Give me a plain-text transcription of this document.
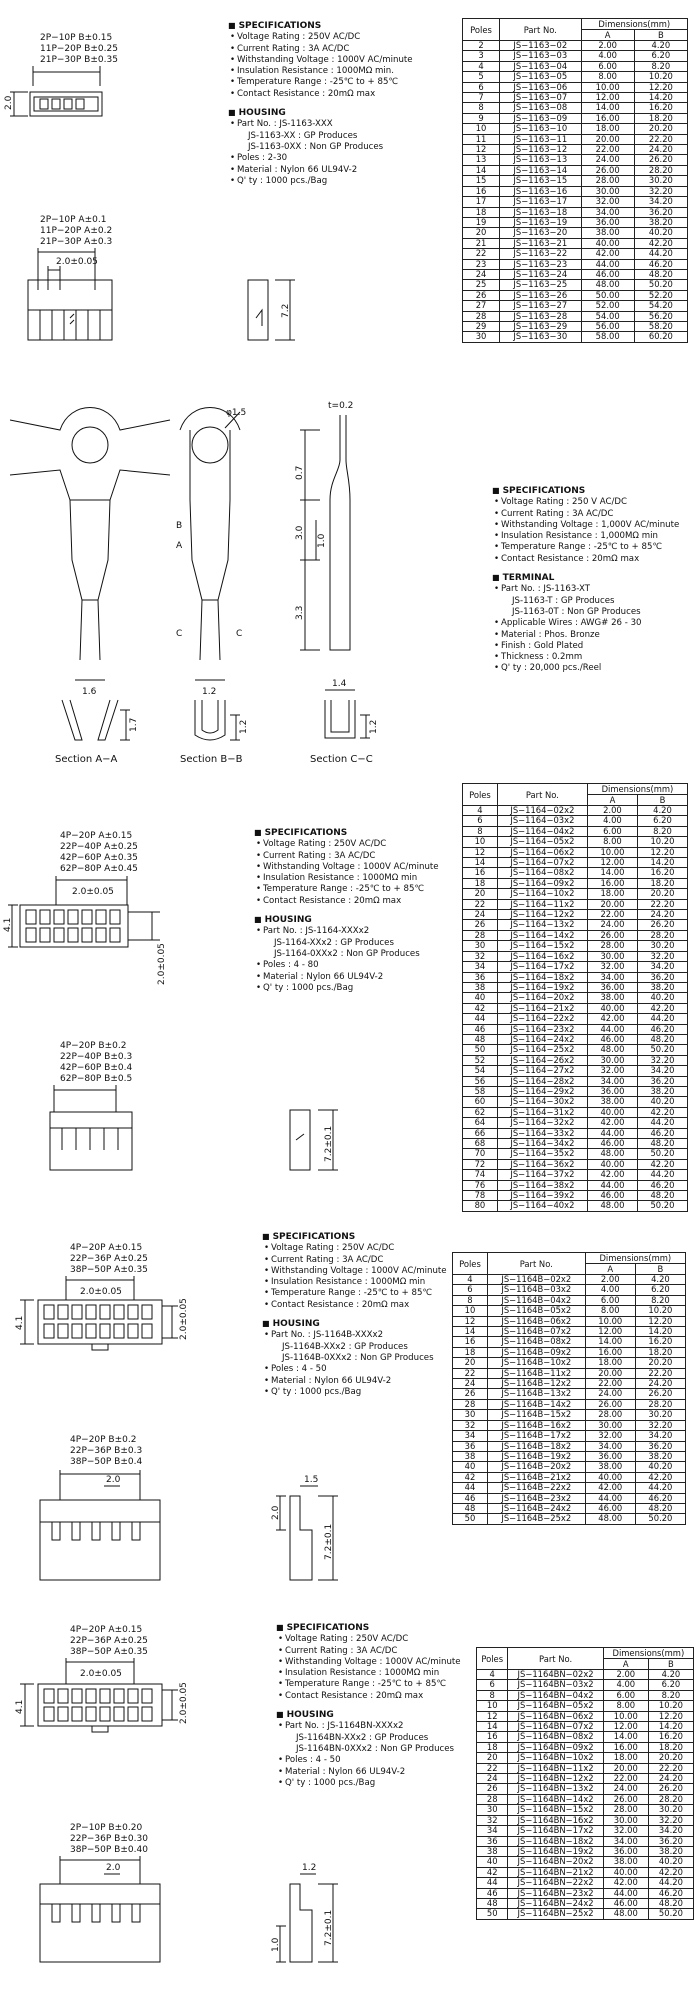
2P−10P B±0.15
11P−20P B±0.25
21P−30P B±0.35
2.0
2P−10P A±0.1
11P−20P A±0.2
21P−30P A±0.3
2.0±0.05
7.2
1.6
φ1.5
A
B
C	C
1.2
t=0.2
0.7
3.0
1.0
3.3
1.7	1.2
1.4
1.2
Section A−A	Section B−B	Section C−C
4P−20P A±0.15
22P−40P A±0.25
42P−60P A±0.35
62P−80P A±0.45
2.0±0.05
4.1
2.0±0.05
4P−20P B±0.2
22P−40P B±0.3
42P−60P B±0.4
62P−80P B±0.5
7.2±0.1
4P−20P A±0.15
22P−36P A±0.25
38P−50P A±0.35
2.0±0.05
4.1	2.0±0.05
4P−20P B±0.2
22P−36P B±0.3
38P−50P B±0.4
2.0	1.5
2.0
7.2±0.1
4P−20P A±0.15
22P−36P A±0.25
38P−50P A±0.35
2.0±0.05
4.1	2.0±0.05
2P−10P B±0.20
22P−36P B±0.30
38P−50P B±0.40
2.0	1.2
1.0	7.2±0.1
■ SPECIFICATIONS
• Voltage Rating : 250V AC/DC
• Current Rating : 3A AC/DC
• Withstanding Voltage : 1000V AC/minute
• Insulation Resistance : 1000MΩ min.
• Temperature Range : -25℃ to + 85℃
• Contact Resistance : 20mΩ max
■ HOUSING
• Part No. : JS-1163-XXX
JS-1163-XX : GP Produces
JS-1163-0XX : Non GP Produces
• Poles : 2-30
• Material : Nylon 66 UL94V-2
• Q' ty : 1000 pcs./Bag
■ SPECIFICATIONS
• Voltage Rating : 250 V AC/DC
• Current Rating : 3A AC/DC
• Withstanding Voltage : 1,000V AC/minute
• Insulation Resistance : 1,000MΩ min
• Temperature Range : -25℃ to + 85℃
• Contact Resistance : 20mΩ max
■ TERMINAL
• Part No. : JS-1163-XT
JS-1163-T : GP Produces
JS-1163-0T : Non GP Produces
• Applicable Wires : AWG# 26 - 30
• Material : Phos. Bronze
• Finish : Gold Plated
• Thickness : 0.2mm
• Q' ty : 20,000 pcs./Reel
■ SPECIFICATIONS
• Voltage Rating : 250V AC/DC
• Current Rating : 3A AC/DC
• Withstanding Voltage : 1000V AC/minute
• Insulation Resistance : 1000MΩ min
• Temperature Range : -25℃ to + 85℃
• Contact Resistance : 20mΩ max
■ HOUSING
• Part No. : JS-1164-XXXx2
JS-1164-XXx2 : GP Produces
JS-1164-0XXx2 : Non GP Produces
• Poles : 4 - 80
• Material : Nylon 66 UL94V-2
• Q' ty : 1000 pcs./Bag
■ SPECIFICATIONS
• Voltage Rating : 250V AC/DC
• Current Rating : 3A AC/DC
• Withstanding Voltage : 1000V AC/minute
• Insulation Resistance : 1000MΩ min
• Temperature Range : -25℃ to + 85℃
• Contact Resistance : 20mΩ max
■ HOUSING
• Part No. : JS-1164B-XXXx2
JS-1164B-XXx2 : GP Produces
JS-1164B-0XXx2 : Non GP Produces
• Poles : 4 - 50
• Material : Nylon 66 UL94V-2
• Q' ty : 1000 pcs./Bag
■ SPECIFICATIONS
• Voltage Rating : 250V AC/DC
• Current Rating : 3A AC/DC
• Withstanding Voltage : 1000V AC/minute
• Insulation Resistance : 1000MΩ min
• Temperature Range : -25℃ to + 85℃
• Contact Resistance : 20mΩ max
■ HOUSING
• Part No. : JS-1164BN-XXXx2
JS-1164BN-XXx2 : GP Produces
JS-1164BN-0XXx2 : Non GP Produces
• Poles : 4 - 50
• Material : Nylon 66 UL94V-2
• Q' ty : 1000 pcs./Bag
Poles	Part No.	Dimensions(mm)	
		A	B
2	JS−1163−02	2.00	4.20
3	JS−1163−03	4.00	6.20
4	JS−1163−04	6.00	8.20
5	JS−1163−05	8.00	10.20
6	JS−1163−06	10.00	12.20
7	JS−1163−07	12.00	14.20
8	JS−1163−08	14.00	16.20
9	JS−1163−09	16.00	18.20
10	JS−1163−10	18.00	20.20
11	JS−1163−11	20.00	22.20
12	JS−1163−12	22.00	24.20
13	JS−1163−13	24.00	26.20
14	JS−1163−14	26.00	28.20
15	JS−1163−15	28.00	30.20
16	JS−1163−16	30.00	32.20
17	JS−1163−17	32.00	34.20
18	JS−1163−18	34.00	36.20
19	JS−1163−19	36.00	38.20
20	JS−1163−20	38.00	40.20
21	JS−1163−21	40.00	42.20
22	JS−1163−22	42.00	44.20
23	JS−1163−23	44.00	46.20
24	JS−1163−24	46.00	48.20
25	JS−1163−25	48.00	50.20
26	JS−1163−26	50.00	52.20
27	JS−1163−27	52.00	54.20
28	JS−1163−28	54.00	56.20
29	JS−1163−29	56.00	58.20
30	JS−1163−30	58.00	60.20
Poles	Part No.	Dimensions(mm)	
		A	B
4	JS−1164−02x2	2.00	4.20
6	JS−1164−03x2	4.00	6.20
8	JS−1164−04x2	6.00	8.20
10	JS−1164−05x2	8.00	10.20
12	JS−1164−06x2	10.00	12.20
14	JS−1164−07x2	12.00	14.20
16	JS−1164−08x2	14.00	16.20
18	JS−1164−09x2	16.00	18.20
20	JS−1164−10x2	18.00	20.20
22	JS−1164−11x2	20.00	22.20
24	JS−1164−12x2	22.00	24.20
26	JS−1164−13x2	24.00	26.20
28	JS−1164−14x2	26.00	28.20
30	JS−1164−15x2	28.00	30.20
32	JS−1164−16x2	30.00	32.20
34	JS−1164−17x2	32.00	34.20
36	JS−1164−18x2	34.00	36.20
38	JS−1164−19x2	36.00	38.20
40	JS−1164−20x2	38.00	40.20
42	JS−1164−21x2	40.00	42.20
44	JS−1164−22x2	42.00	44.20
46	JS−1164−23x2	44.00	46.20
48	JS−1164−24x2	46.00	48.20
50	JS−1164−25x2	48.00	50.20
52	JS−1164−26x2	30.00	32.20
54	JS−1164−27x2	32.00	34.20
56	JS−1164−28x2	34.00	36.20
58	JS−1164−29x2	36.00	38.20
60	JS−1164−30x2	38.00	40.20
62	JS−1164−31x2	40.00	42.20
64	JS−1164−32x2	42.00	44.20
66	JS−1164−33x2	44.00	46.20
68	JS−1164−34x2	46.00	48.20
70	JS−1164−35x2	48.00	50.20
72	JS−1164−36x2	40.00	42.20
74	JS−1164−37x2	42.00	44.20
76	JS−1164−38x2	44.00	46.20
78	JS−1164−39x2	46.00	48.20
80	JS−1164−40x2	48.00	50.20
Poles	Part No.	Dimensions(mm)	
		A	B
4	JS−1164B−02x2	2.00	4.20
6	JS−1164B−03x2	4.00	6.20
8	JS−1164B−04x2	6.00	8.20
10	JS−1164B−05x2	8.00	10.20
12	JS−1164B−06x2	10.00	12.20
14	JS−1164B−07x2	12.00	14.20
16	JS−1164B−08x2	14.00	16.20
18	JS−1164B−09x2	16.00	18.20
20	JS−1164B−10x2	18.00	20.20
22	JS−1164B−11x2	20.00	22.20
24	JS−1164B−12x2	22.00	24.20
26	JS−1164B−13x2	24.00	26.20
28	JS−1164B−14x2	26.00	28.20
30	JS−1164B−15x2	28.00	30.20
32	JS−1164B−16x2	30.00	32.20
34	JS−1164B−17x2	32.00	34.20
36	JS−1164B−18x2	34.00	36.20
38	JS−1164B−19x2	36.00	38.20
40	JS−1164B−20x2	38.00	40.20
42	JS−1164B−21x2	40.00	42.20
44	JS−1164B−22x2	42.00	44.20
46	JS−1164B−23x2	44.00	46.20
48	JS−1164B−24x2	46.00	48.20
50	JS−1164B−25x2	48.00	50.20
Poles	Part No.	Dimensions(mm)	
		A	B
4	JS−1164BN−02x2	2.00	4.20
6	JS−1164BN−03x2	4.00	6.20
8	JS−1164BN−04x2	6.00	8.20
10	JS−1164BN−05x2	8.00	10.20
12	JS−1164BN−06x2	10.00	12.20
14	JS−1164BN−07x2	12.00	14.20
16	JS−1164BN−08x2	14.00	16.20
18	JS−1164BN−09x2	16.00	18.20
20	JS−1164BN−10x2	18.00	20.20
22	JS−1164BN−11x2	20.00	22.20
24	JS−1164BN−12x2	22.00	24.20
26	JS−1164BN−13x2	24.00	26.20
28	JS−1164BN−14x2	26.00	28.20
30	JS−1164BN−15x2	28.00	30.20
32	JS−1164BN−16x2	30.00	32.20
34	JS−1164BN−17x2	32.00	34.20
36	JS−1164BN−18x2	34.00	36.20
38	JS−1164BN−19x2	36.00	38.20
40	JS−1164BN−20x2	38.00	40.20
42	JS−1164BN−21x2	40.00	42.20
44	JS−1164BN−22x2	42.00	44.20
46	JS−1164BN−23x2	44.00	46.20
48	JS−1164BN−24x2	46.00	48.20
50	JS−1164BN−25x2	48.00	50.20
